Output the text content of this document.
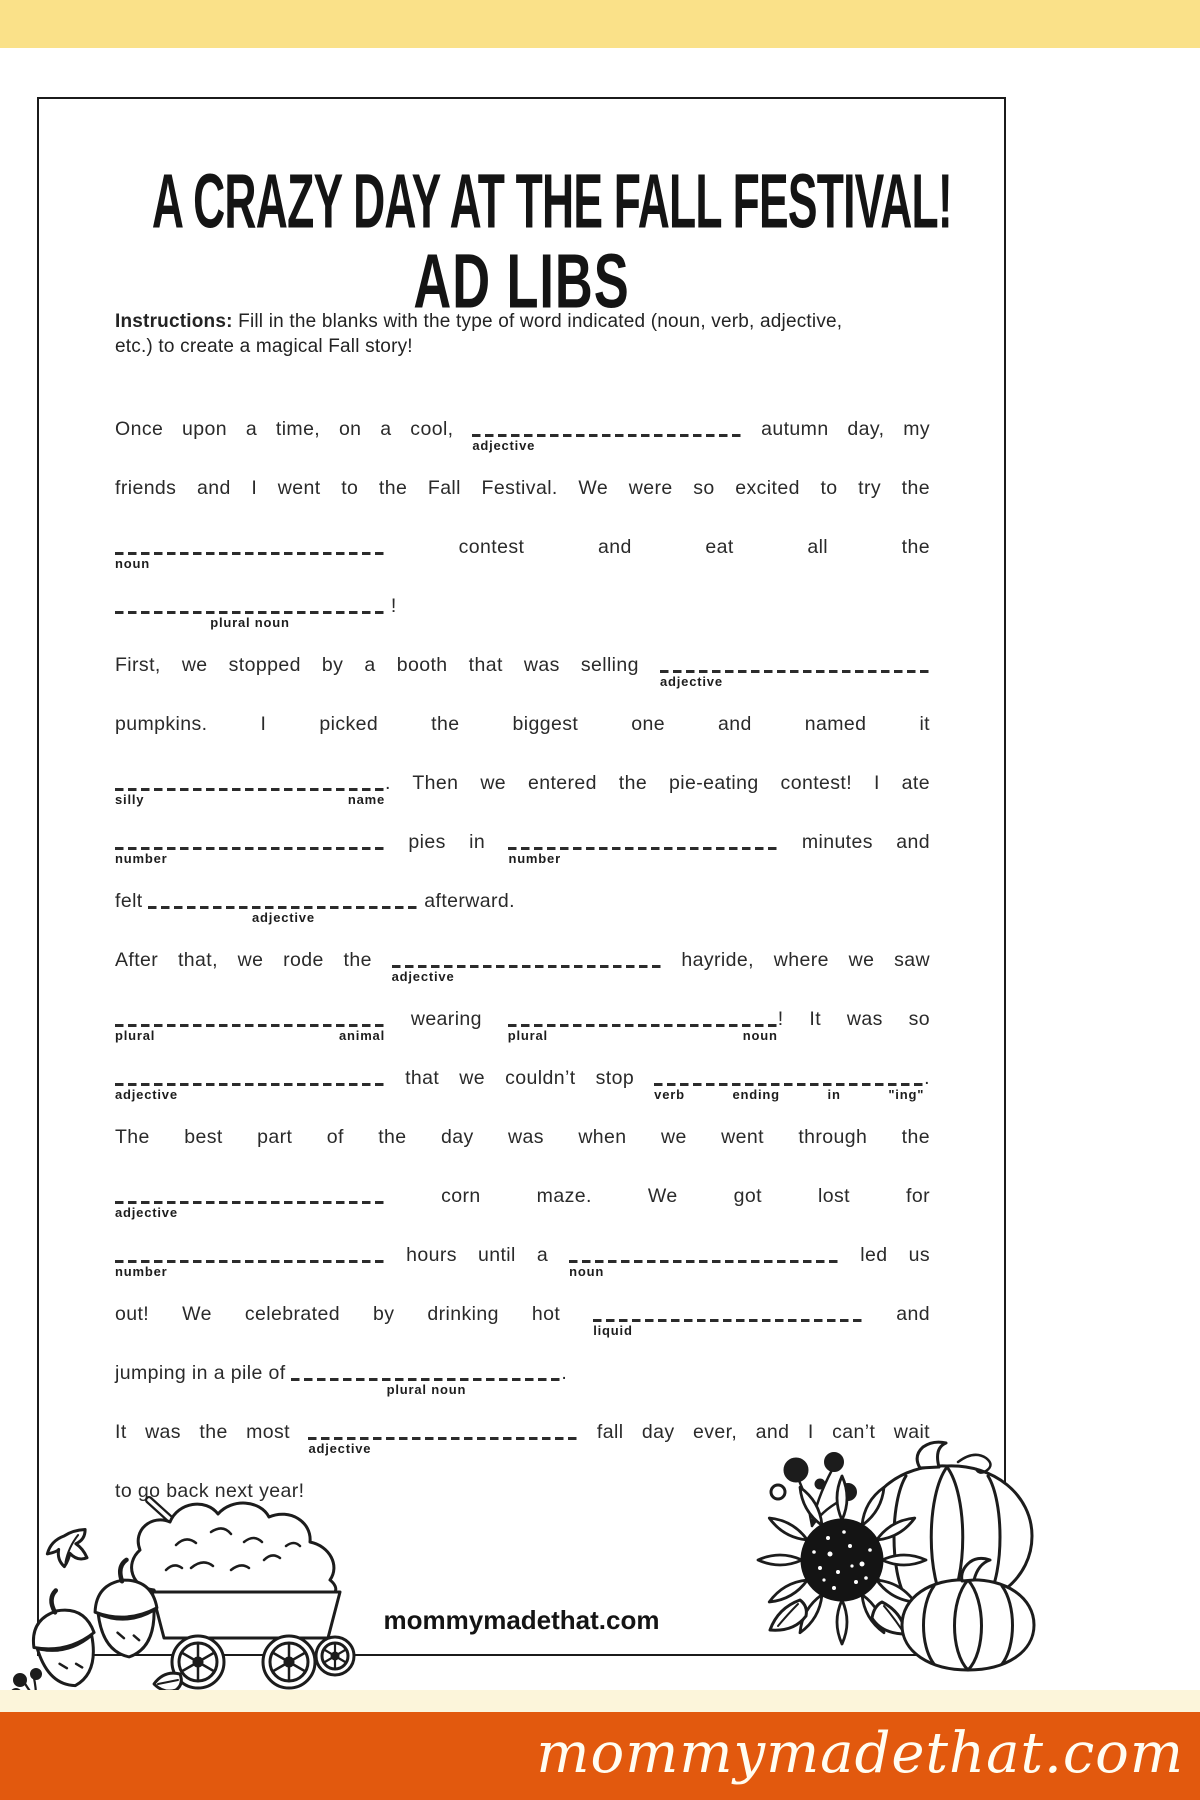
A CRAZY DAY AT THE FALL FESTIVAL!
AD LIBS

Instructions: Fill in the blanks with the type of word indicated (noun, verb, adjective, etc.) to create a magical Fall story!

Once upon a time, on a cool,
adjective
autumn day, my
friends and I went to the Fall Festival. We were so excited to try the
noun
contest and eat all the
plural noun
!
First, we stopped by a booth that was selling
adjective
pumpkins. I picked the biggest one and named it
silly name
. Then we entered the pie-eating contest! I ate
number
pies in
number
minutes and
felt
adjective
afterward.
After that, we rode the
adjective
hayride, where we saw
plural animal
wearing
plural noun
! It was so
adjective
that we couldn’t stop
verb ending in "ing"
.
The best part of the day was when we went through the
adjective
corn maze. We got lost for
number
hours until a
noun
led us
out! We celebrated by drinking hot
liquid
and
jumping in a pile of
plural noun
.
It was the most
adjective
fall day ever, and I can’t wait
to go back next year!
mommymadethat.com
mommymadethat.com
